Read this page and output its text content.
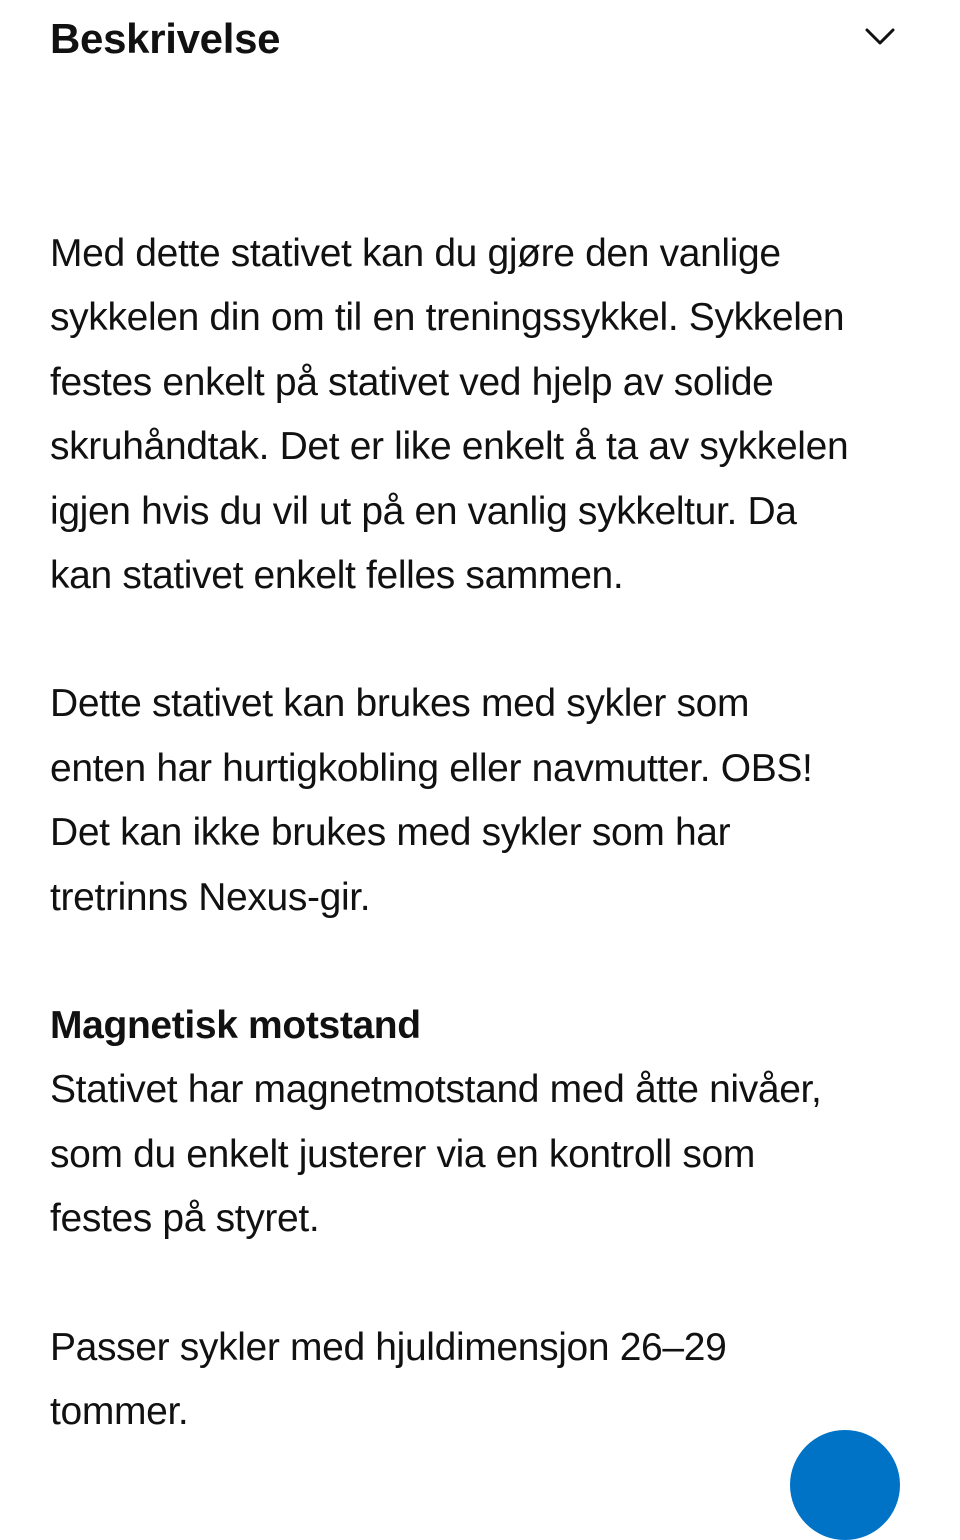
Beskrivelse

Med dette stativet kan du gjøre den vanlige
sykkelen din om til en treningssykkel. Sykkelen
festes enkelt på stativet ved hjelp av solide
skruhåndtak. Det er like enkelt å ta av sykkelen
igjen hvis du vil ut på en vanlig sykkeltur. Da
kan stativet enkelt felles sammen.

Dette stativet kan brukes med sykler som
enten har hurtigkobling eller navmutter. OBS!
Det kan ikke brukes med sykler som har
tretrinns Nexus-gir.

Magnetisk motstand
Stativet har magnetmotstand med åtte nivåer,
som du enkelt justerer via en kontroll som
festes på styret.

Passer sykler med hjuldimensjon 26–29
tommer.
